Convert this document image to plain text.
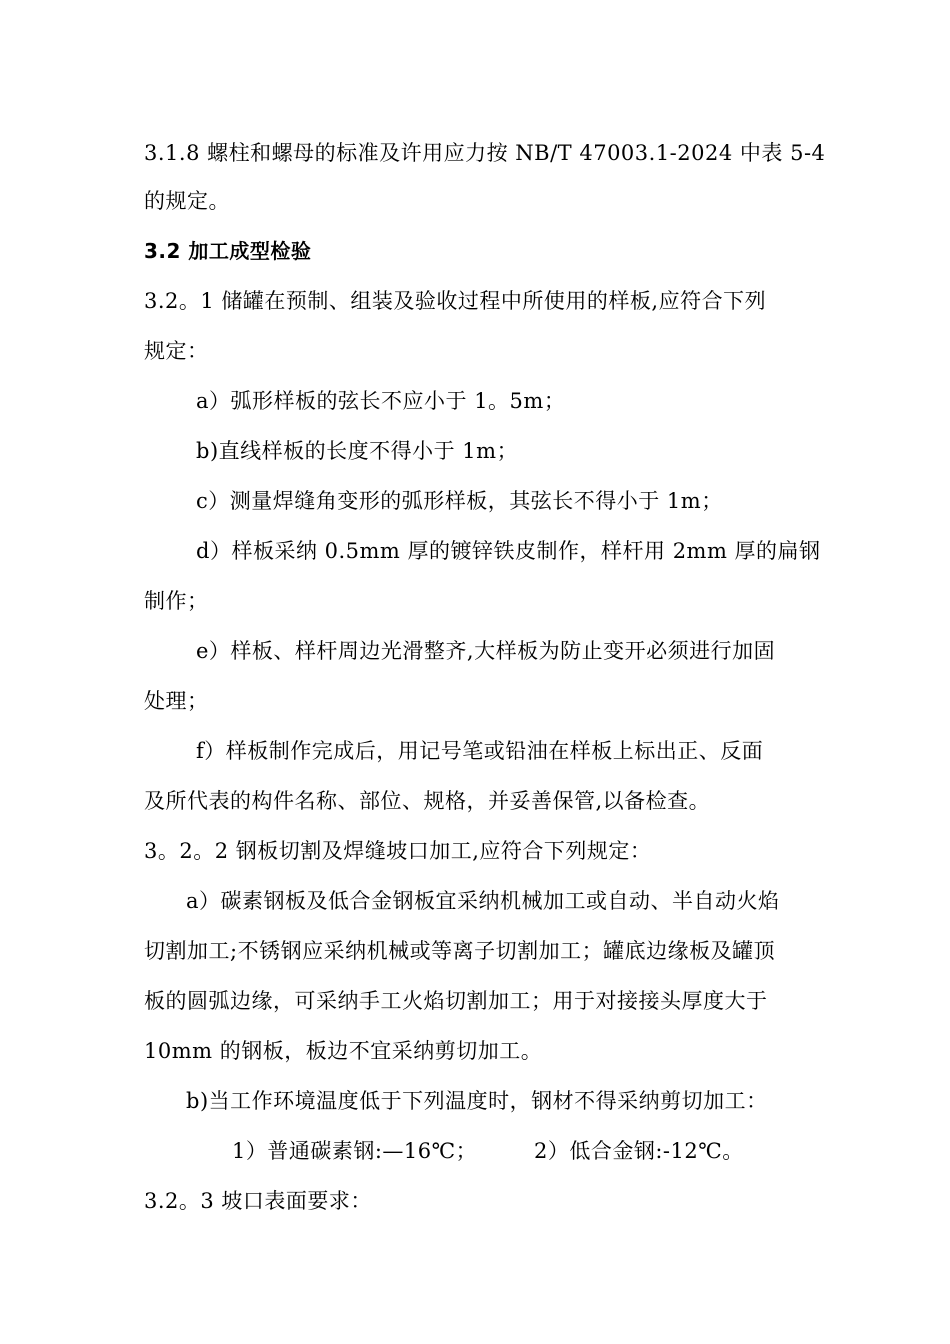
3.1.8 螺柱和螺母的标准及许用应力按 NB/T 47003.1-2024 中表 5-4
的规定。
3.2 加工成型检验
3.2。1 储罐在预制、组装及验收过程中所使用的样板,应符合下列
规定：
a）弧形样板的弦长不应小于 1。5m；
b)直线样板的长度不得小于 1m；
c）测量焊缝角变形的弧形样板，其弦长不得小于 1m；
d）样板采纳 0.5mm 厚的镀锌铁皮制作，样杆用 2mm 厚的扁钢
制作；
e）样板、样杆周边光滑整齐,大样板为防止变开必须进行加固
处理；
f）样板制作完成后，用记号笔或铅油在样板上标出正、反面
及所代表的构件名称、部位、规格，并妥善保管,以备检查。
3。2。2 钢板切割及焊缝坡口加工,应符合下列规定：
a）碳素钢板及低合金钢板宜采纳机械加工或自动、半自动火焰
切割加工;不锈钢应采纳机械或等离子切割加工；罐底边缘板及罐顶
板的圆弧边缘，可采纳手工火焰切割加工；用于对接接头厚度大于
10mm 的钢板，板边不宜采纳剪切加工。
b)当工作环境温度低于下列温度时，钢材不得采纳剪切加工：
1）普通碳素钢:—16℃；	2）低合金钢:-12℃。
3.2。3 坡口表面要求：
